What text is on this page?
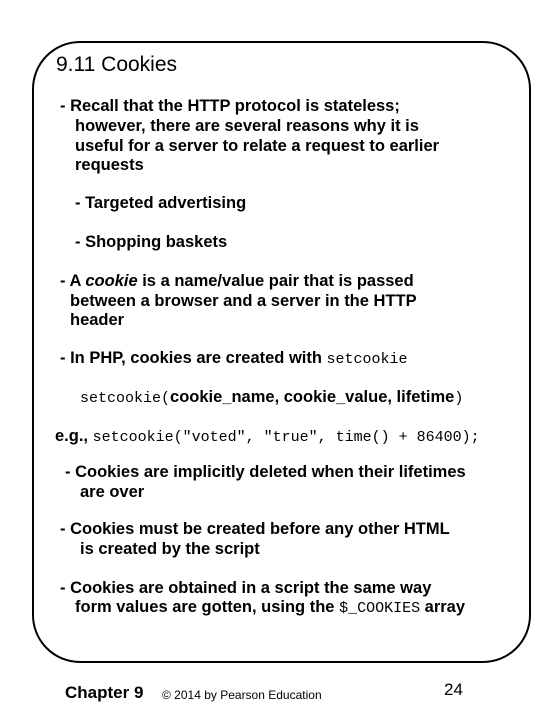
9.11 Cookies
- Recall that the HTTP protocol is stateless;
however, there are several reasons why it is
useful for a server to relate a request to earlier
requests
- Targeted advertising
- Shopping baskets
- A cookie is a name/value pair that is passed
between a browser and a server in the HTTP
header
- In PHP, cookies are created with setcookie
setcookie(cookie_name, cookie_value, lifetime)
e.g., setcookie("voted", "true", time() + 86400);
- Cookies are implicitly deleted when their lifetimes
are over
- Cookies must be created before any other HTML
is created by the script
- Cookies are obtained in a script the same way
form values are gotten, using the $_COOKIES array
Chapter 9 © 2014 by Pearson Education	24
